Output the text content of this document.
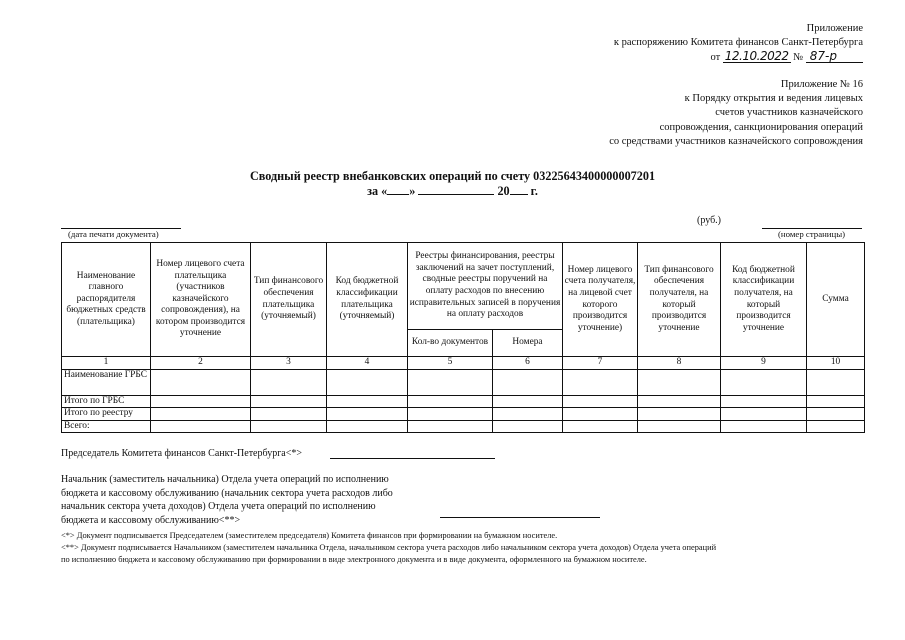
Приложение
к распоряжению Комитета финансов Санкт-Петербурга
от 12.10.2022 № 87-р
Приложение № 16
к Порядку открытия и ведения лицевых
счетов участников казначейского
сопровождения, санкционирования операций
со средствами участников казначейского сопровождения
Сводный реестр внебанковских операций по счету 03225643400000007201
за « »	20 г.
(дата печати документа)
(руб.)
(номер страницы)
Наименование главного распорядителя бюджетных средств (плательщика)	Номер лицевого счета плательщика (участников казначейского сопровождения), на котором производится уточнение	Тип финансового обеспечения плательщика (уточняемый)	Код бюджетной классификации плательщика (уточняемый)	Реестры финансирования, реестры заключений на зачет поступлений, сводные реестры поручений на оплату расходов по внесению исправительных записей в поручения на оплату расходов		Номер лицевого счета получателя, на лицевой счет которого производится уточнение)	Тип финансового обеспечения получателя, на который производится уточнение	Код бюджетной классификации получателя, на который производится уточнение	Сумма
				Кол-во документов	Номера				
1	2	3	4	5	6	7	8	9	10
Наименование ГРБС									
Итого по ГРБС									
Итого по реестру									
Всего:									
Председатель Комитета финансов Санкт-Петербурга<*>
Начальник (заместитель начальника) Отдела учета операций по исполнению
бюджета и кассовому обслуживанию (начальник сектора учета расходов либо
начальник сектора учета доходов) Отдела учета операций по исполнению
бюджета и кассовому обслуживанию<**>
<*> Документ подписывается Председателем (заместителем председателя) Комитета финансов при формировании на бумажном носителе.
<**> Документ подписывается Начальником (заместителем начальника Отдела, начальником сектора учета расходов либо начальником сектора учета доходов) Отдела учета операций
по исполнению бюджета и кассовому обслуживанию при формировании в виде электронного документа и в виде документа, оформленного на бумажном носителе.
